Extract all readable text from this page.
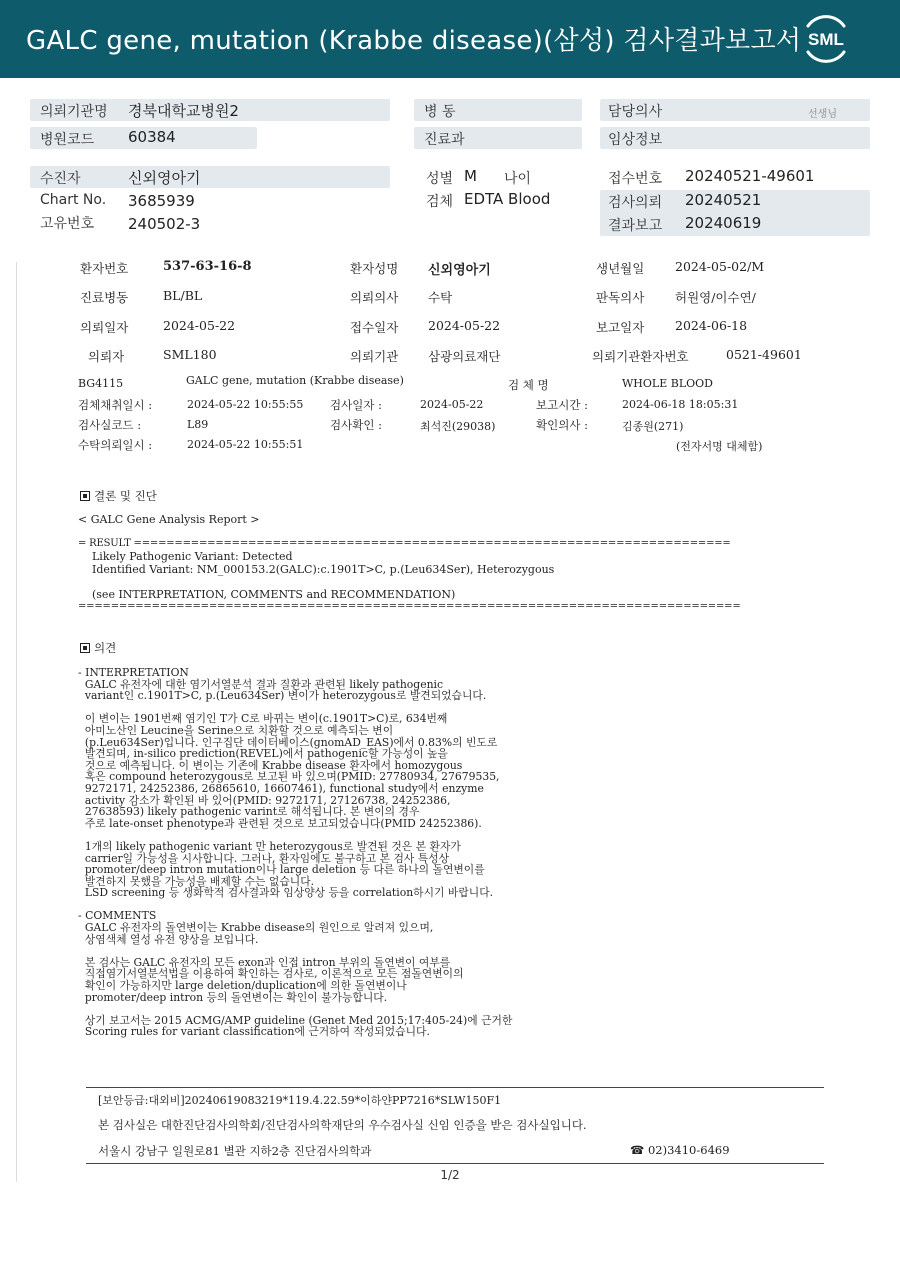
GALC gene, mutation (Krabbe disease)(삼성) 검사결과보고서 SML
의뢰기관명 경북대학교병원2	병 동	담당의사	선생님
병원코드 60384	진료과	임상정보
수진자	신외영아기	성별 M 나이	접수번호 20240521-49601
Chart No. 3685939	검체 EDTA Blood	검사의뢰 20240521
고유번호 240502-3	결과보고 20240619
환자번호	537-63-16-8	환자성명 신외영아기	생년월일 2024-05-02/M
진료병동	BL/BL	의뢰의사 수탁	판독의사 허원영/이수연/
의뢰일자	2024-05-22	접수일자 2024-05-22	보고일자 2024-06-18
의뢰자	SML180	의뢰기관 삼광의료재단	의뢰기관환자번호	0521-49601
BG4115	GALC gene, mutation (Krabbe disease)	검 체 명	WHOLE BLOOD
검체채취일시 :	2024-05-22 10:55:55 검사일자 :	2024-05-22	보고시간 :	2024-06-18 18:05:31
검사실코드 :	L89	검사확인 :	최석진(29038)	확인의사 :	김종원(271)
수탁의뢰일시 :	2024-05-22 10:55:51	(전자서명 대체함)
결론 및 진단
< GALC Gene Analysis Report >
= RESULT =========================================================================
Likely Pathogenic Variant: Detected
Identified Variant: NM_000153.2(GALC):c.1901T>C, p.(Leu634Ser), Heterozygous
(see INTERPRETATION, COMMENTS and RECOMMENDATION)
=================================================================================
의견
- INTERPRETATION
GALC 유전자에 대한 염기서열분석 결과 질환과 관련된 likely pathogenic
variant인 c.1901T>C, p.(Leu634Ser) 변이가 heterozygous로 발견되었습니다.

이 변이는 1901번째 염기인 T가 C로 바뀌는 변이(c.1901T>C)로, 634번째
아미노산인 Leucine을 Serine으로 치환할 것으로 예측되는 변이
(p.Leu634Ser)입니다. 인구집단 데이터베이스(gnomAD_EAS)에서 0.83%의 빈도로
발견되며, in-silico prediction(REVEL)에서 pathogenic할 가능성이 높을
것으로 예측됩니다. 이 변이는 기존에 Krabbe disease 환자에서 homozygous
혹은 compound heterozygous로 보고된 바 있으며(PMID: 27780934, 27679535,
9272171, 24252386, 26865610, 16607461), functional study에서 enzyme
activity 감소가 확인된 바 있어(PMID: 9272171, 27126738, 24252386,
27638593) likely pathogenic varint로 해석됩니다. 본 변이의 경우
주로 late-onset phenotype과 관련된 것으로 보고되었습니다(PMID 24252386).

1개의 likely pathogenic variant 만 heterozygous로 발견된 것은 본 환자가
carrier일 가능성을 시사합니다. 그러나, 환자임에도 불구하고 본 검사 특성상
promoter/deep intron mutation이나 large deletion 등 다른 하나의 돌연변이를
발견하지 못했을 가능성을 배제할 수는 없습니다.
LSD screening 등 생화학적 검사결과와 임상양상 등을 correlation하시기 바랍니다.

- COMMENTS
GALC 유전자의 돌연변이는 Krabbe disease의 원인으로 알려져 있으며,
상염색체 열성 유전 양상을 보입니다.

본 검사는 GALC 유전자의 모든 exon과 인접 intron 부위의 돌연변이 여부를
직접염기서열분석법을 이용하여 확인하는 검사로, 이론적으로 모든 점돌연변이의
확인이 가능하지만 large deletion/duplication에 의한 돌연변이나
promoter/deep intron 등의 돌연변이는 확인이 불가능합니다.

상기 보고서는 2015 ACMG/AMP guideline (Genet Med 2015;17:405-24)에 근거한
Scoring rules for variant classification에 근거하여 작성되었습니다.
[보안등급:대외비]20240619083219*119.4.22.59*이하얀PP7216*SLW150F1
본 검사실은 대한진단검사의학회/진단검사의학재단의 우수검사실 신임 인증을 받은 검사실입니다.
서울시 강남구 일원로81 별관 지하2층 진단검사의학과	☎ 02)3410-6469
1/2
